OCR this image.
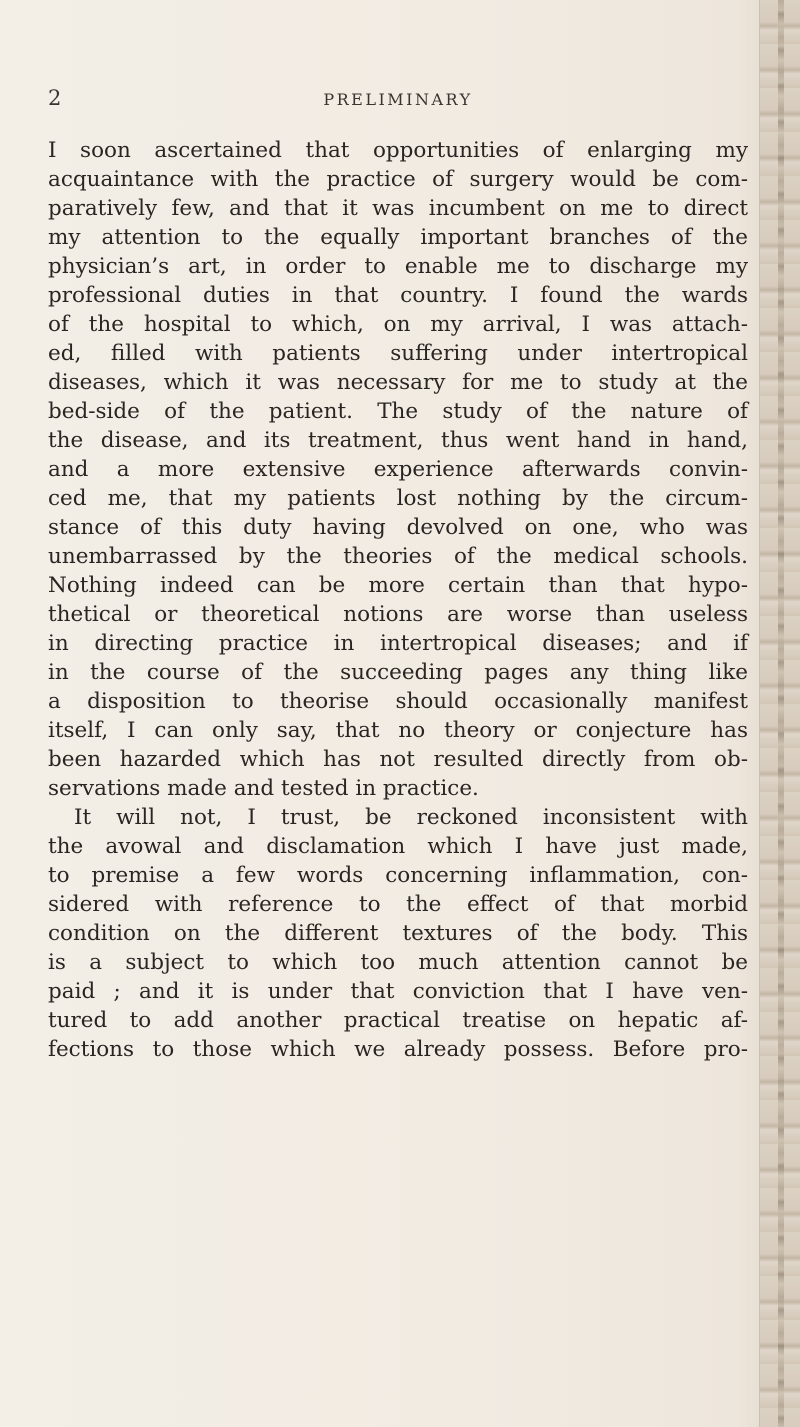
2	PRELIMINARY
I soon ascertained that opportunities of enlarging my
acquaintance with the practice of surgery would be com-
paratively few, and that it was incumbent on me to direct
my attention to the equally important branches of the
physician’s art, in order to enable me to discharge my
professional duties in that country. I found the wards
of the hospital to which, on my arrival, I was attach-
ed, filled with patients suffering under intertropical
diseases, which it was necessary for me to study at the
bed-side of the patient. The study of the nature of
the disease, and its treatment, thus went hand in hand,
and a more extensive experience afterwards convin-
ced me, that my patients lost nothing by the circum-
stance of this duty having devolved on one, who was
unembarrassed by the theories of the medical schools.
Nothing indeed can be more certain than that hypo-
thetical or theoretical notions are worse than useless
in directing practice in intertropical diseases; and if
in the course of the succeeding pages any thing like
a disposition to theorise should occasionally manifest
itself, I can only say, that no theory or conjecture has
been hazarded which has not resulted directly from ob-
servations made and tested in practice.
It will not, I trust, be reckoned inconsistent with
the avowal and disclamation which I have just made,
to premise a few words concerning inflammation, con-
sidered with reference to the effect of that morbid
condition on the different textures of the body. This
is a subject to which too much attention cannot be
paid ; and it is under that conviction that I have ven-
tured to add another practical treatise on hepatic af-
fections to those which we already possess. Before pro-
